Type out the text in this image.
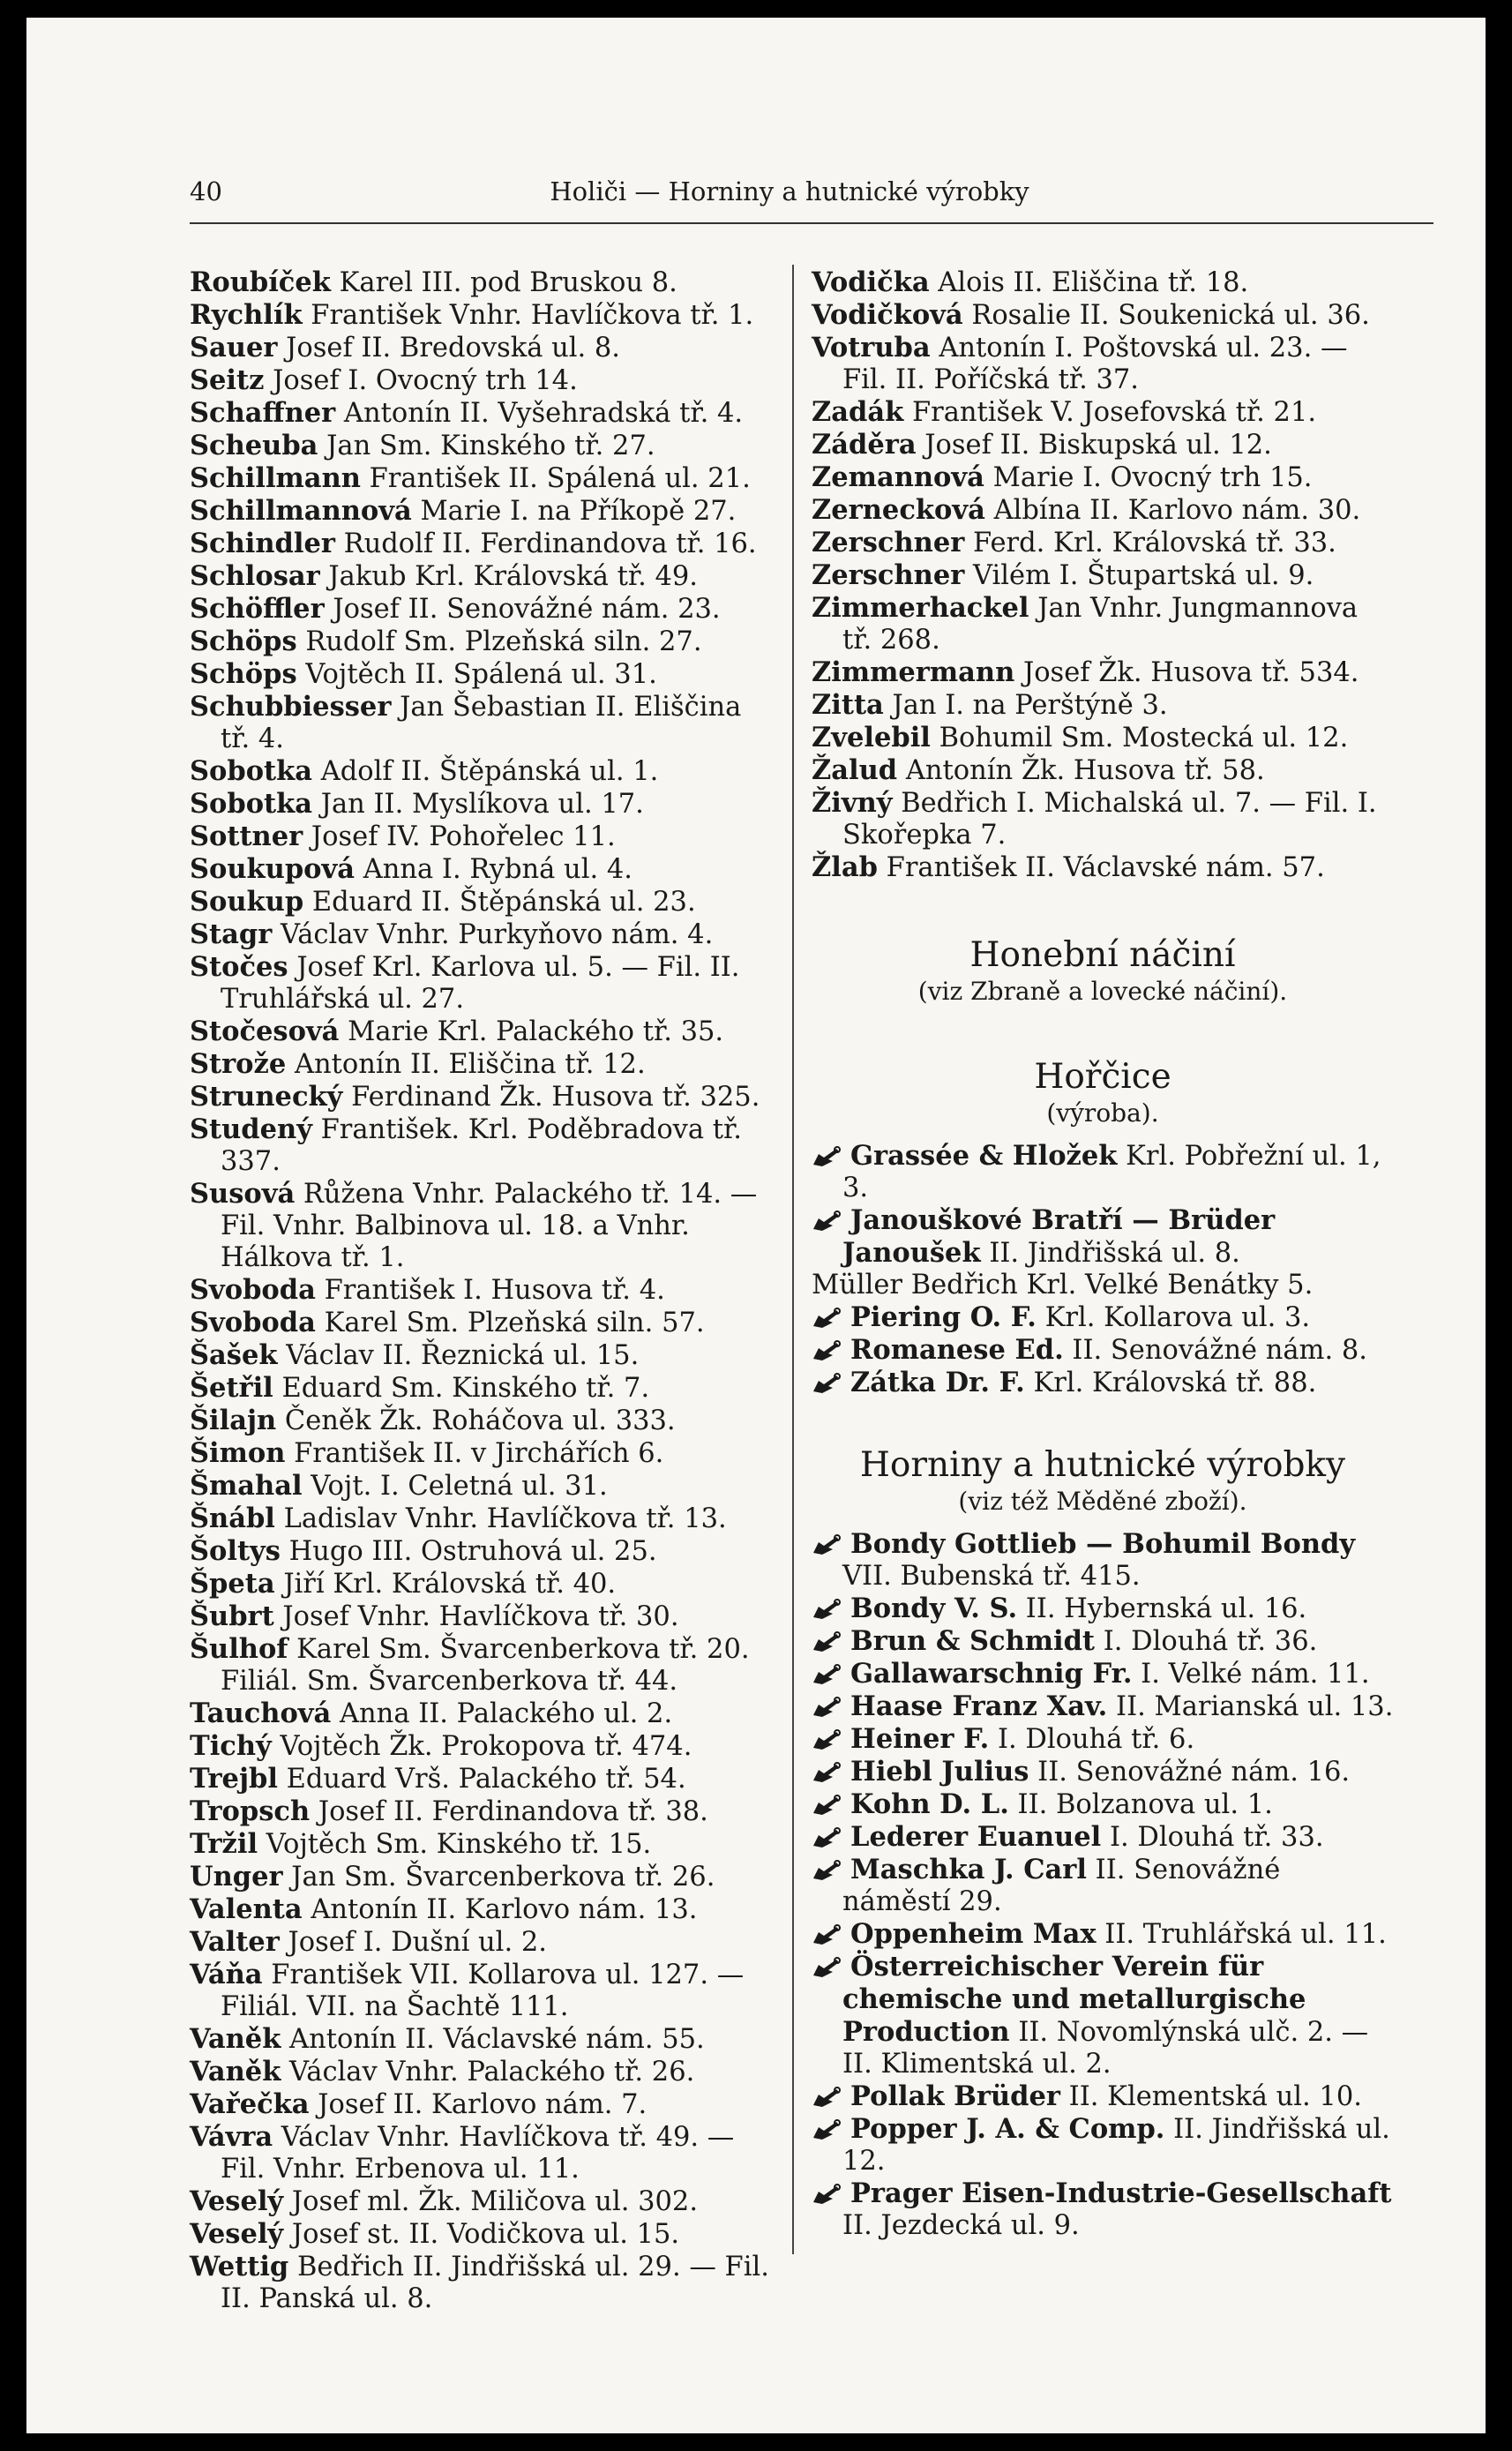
40	Holiči — Horniny a hutnické výrobky

Roubíček Karel III. pod Bruskou 8.

Rychlík František Vnhr. Havlíčkova tř. 1.

Sauer Josef II. Bredovská ul. 8.

Seitz Josef I. Ovocný trh 14.

Schaffner Antonín II. Vyšehradská tř. 4.

Scheuba Jan Sm. Kinského tř. 27.

Schillmann František II. Spálená ul. 21.

Schillmannová Marie I. na Příkopě 27.

Schindler Rudolf II. Ferdinandova tř. 16.

Schlosar Jakub Krl. Královská tř. 49.

Schöffler Josef II. Senovážné nám. 23.

Schöps Rudolf Sm. Plzeňská siln. 27.

Schöps Vojtěch II. Spálená ul. 31.

Schubbiesser Jan Šebastian II. Eliščina tř. 4.

Sobotka Adolf II. Štěpánská ul. 1.

Sobotka Jan II. Myslíkova ul. 17.

Sottner Josef IV. Pohořelec 11.

Soukupová Anna I. Rybná ul. 4.

Soukup Eduard II. Štěpánská ul. 23.

Stagr Václav Vnhr. Purkyňovo nám. 4.

Stočes Josef Krl. Karlova ul. 5. — Fil. II. Truhlářská ul. 27.

Stočesová Marie Krl. Palackého tř. 35.

Strože Antonín II. Eliščina tř. 12.

Strunecký Ferdinand Žk. Husova tř. 325.

Studený František. Krl. Poděbradova tř. 337.

Susová Růžena Vnhr. Palackého tř. 14. — Fil. Vnhr. Balbinova ul. 18. a Vnhr. Hálkova tř. 1.

Svoboda František I. Husova tř. 4.

Svoboda Karel Sm. Plzeňská siln. 57.

Šašek Václav II. Řeznická ul. 15.

Šetřil Eduard Sm. Kinského tř. 7.

Šilajn Čeněk Žk. Roháčova ul. 333.

Šimon František II. v Jirchářích 6.

Šmahal Vojt. I. Celetná ul. 31.

Šnábl Ladislav Vnhr. Havlíčkova tř. 13.

Šoltys Hugo III. Ostruhová ul. 25.

Špeta Jiří Krl. Královská tř. 40.

Šubrt Josef Vnhr. Havlíčkova tř. 30.

Šulhof Karel Sm. Švarcenberkova tř. 20. Filiál. Sm. Švarcenberkova tř. 44.

Tauchová Anna II. Palackého ul. 2.

Tichý Vojtěch Žk. Prokopova tř. 474.

Trejbl Eduard Vrš. Palackého tř. 54.

Tropsch Josef II. Ferdinandova tř. 38.

Tržil Vojtěch Sm. Kinského tř. 15.

Unger Jan Sm. Švarcenberkova tř. 26.

Valenta Antonín II. Karlovo nám. 13.

Valter Josef I. Dušní ul. 2.

Váňa František VII. Kollarova ul. 127. — Filiál. VII. na Šachtě 111.

Vaněk Antonín II. Václavské nám. 55.

Vaněk Václav Vnhr. Palackého tř. 26.

Vařečka Josef II. Karlovo nám. 7.

Vávra Václav Vnhr. Havlíčkova tř. 49. — Fil. Vnhr. Erbenova ul. 11.

Veselý Josef ml. Žk. Miličova ul. 302.

Veselý Josef st. II. Vodičkova ul. 15.

Wettig Bedřich II. Jindřišská ul. 29. — Fil. II. Panská ul. 8.

Vodička Alois II. Eliščina tř. 18.

Vodičková Rosalie II. Soukenická ul. 36.

Votruba Antonín I. Poštovská ul. 23. — Fil. II. Poříčská tř. 37.

Zadák František V. Josefovská tř. 21.

Záděra Josef II. Biskupská ul. 12.

Zemannová Marie I. Ovocný trh 15.

Zernecková Albína II. Karlovo nám. 30.

Zerschner Ferd. Krl. Královská tř. 33.

Zerschner Vilém I. Štupartská ul. 9.

Zimmerhackel Jan Vnhr. Jungmannova tř. 268.

Zimmermann Josef Žk. Husova tř. 534.

Zitta Jan I. na Perštýně 3.

Zvelebil Bohumil Sm. Mostecká ul. 12.

Žalud Antonín Žk. Husova tř. 58.

Živný Bedřich I. Michalská ul. 7. — Fil. I. Skořepka 7.

Žlab František II. Václavské nám. 57.

Honební náčiní

(viz Zbraně a lovecké náčiní).

Hořčice

(výroba).

Grassée & Hložek Krl. Pobřežní ul. 1, 3.

Janouškové Bratří — Brüder Janoušek II. Jindřišská ul. 8.

Müller Bedřich Krl. Velké Benátky 5.

Piering O. F. Krl. Kollarova ul. 3.

Romanese Ed. II. Senovážné nám. 8.

Zátka Dr. F. Krl. Královská tř. 88.

Horniny a hutnické výrobky

(viz též Měděné zboží).

Bondy Gottlieb — Bohumil Bondy VII. Bubenská tř. 415.

Bondy V. S. II. Hybernská ul. 16.

Brun & Schmidt I. Dlouhá tř. 36.

Gallawarschnig Fr. I. Velké nám. 11.

Haase Franz Xav. II. Marianská ul. 13.

Heiner F. I. Dlouhá tř. 6.

Hiebl Julius II. Senovážné nám. 16.

Kohn D. L. II. Bolzanova ul. 1.

Lederer Euanuel I. Dlouhá tř. 33.

Maschka J. Carl II. Senovážné náměstí 29.

Oppenheim Max II. Truhlářská ul. 11.

Österreichischer Verein für chemische und metallurgische Production II. Novomlýnská ulč. 2. — II. Klimentská ul. 2.

Pollak Brüder II. Klementská ul. 10.

Popper J. A. & Comp. II. Jindřišská ul. 12.

Prager Eisen-Industrie-Gesellschaft II. Jezdecká ul. 9.
